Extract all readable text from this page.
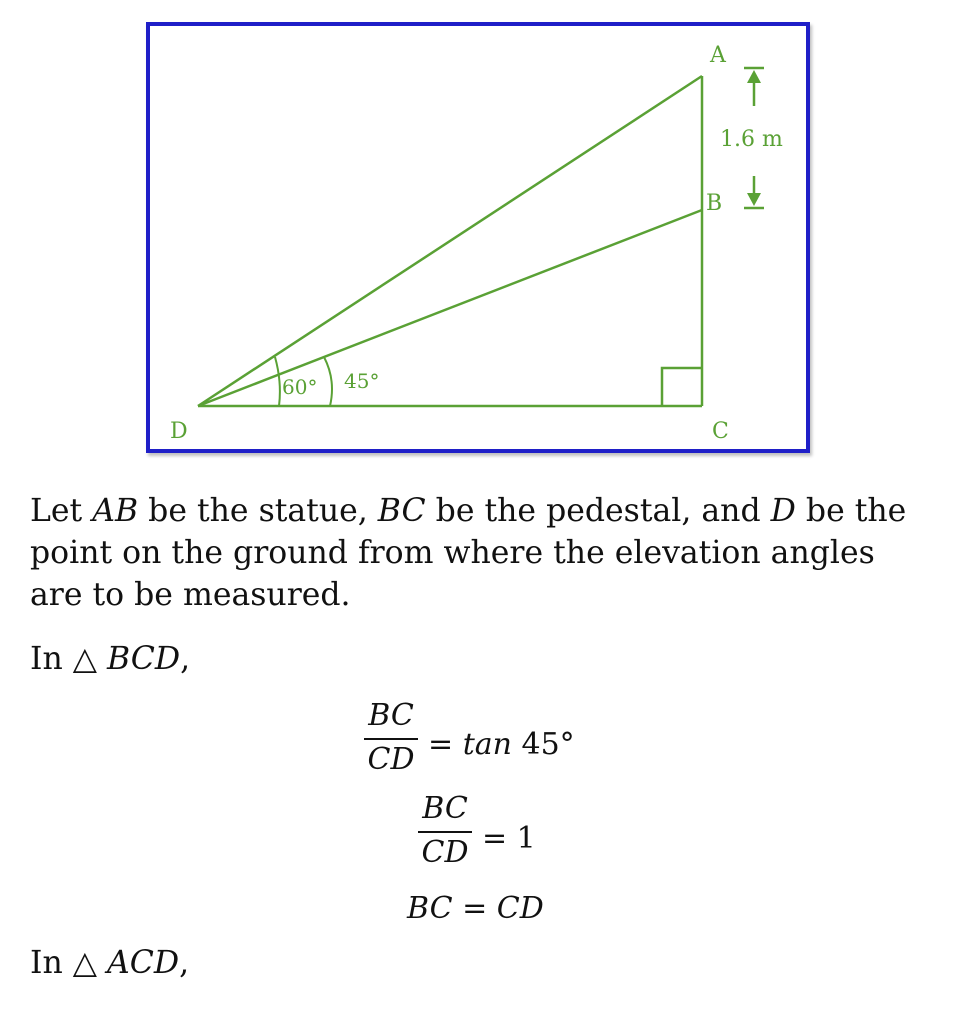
A
B
C
D
1.6 m
60° 45°

Let AB be the statue, BC be the pedestal, and D be the point on the ground from where the elevation angles are to be measured.

In △ BCD,

BC
CD = tan 45°
BC
CD = 1
BC = CD

In △ ACD,
